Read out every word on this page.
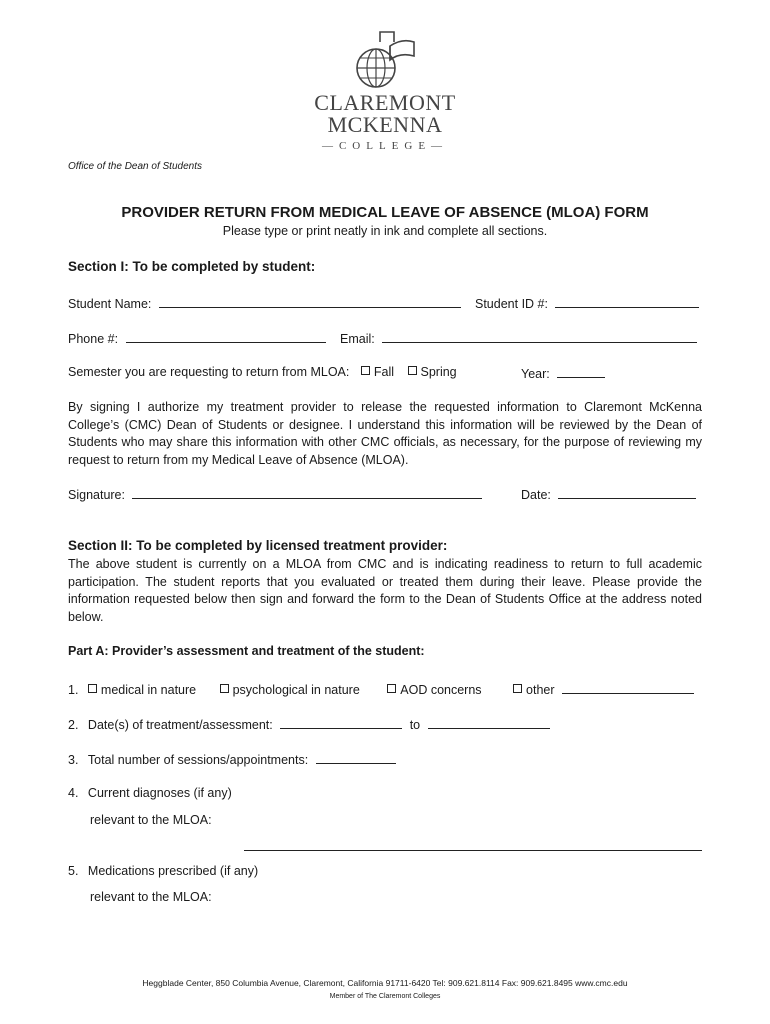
CLAREMONT
MCKENNA
—COLLEGE—
Office of the Dean of Students
PROVIDER RETURN FROM MEDICAL LEAVE OF ABSENCE (MLOA) FORM
Please type or print neatly in ink and complete all sections.
Section I: To be completed by student:
Student Name:	Student ID #:
Phone #:	Email:
Semester you are requesting to return from MLOA: Fall Spring	Year:
By signing I authorize my treatment provider to release the requested information to Claremont McKenna College’s (CMC) Dean of Students or designee. I understand this information will be reviewed by the Dean of Students who may share this information with other CMC officials, as necessary, for the purpose of reviewing my request to return from my Medical Leave of Absence (MLOA).
Signature:	Date:
Section II: To be completed by licensed treatment provider:
The above student is currently on a MLOA from CMC and is indicating readiness to return to full academic participation. The student reports that you evaluated or treated them during their leave. Please provide the information requested below then sign and forward the form to the Dean of Students Office at the address noted below.
Part A: Provider’s assessment and treatment of the student:
1. medical in nature	psychological in nature	AOD concerns	other
2. Date(s) of treatment/assessment:	to
3. Total number of sessions/appointments:
4. Current diagnoses (if any)
relevant to the MLOA:
5. Medications prescribed (if any)
relevant to the MLOA:
Heggblade Center, 850 Columbia Avenue, Claremont, California 91711-6420 Tel: 909.621.8114 Fax: 909.621.8495 www.cmc.edu
Member of The Claremont Colleges
